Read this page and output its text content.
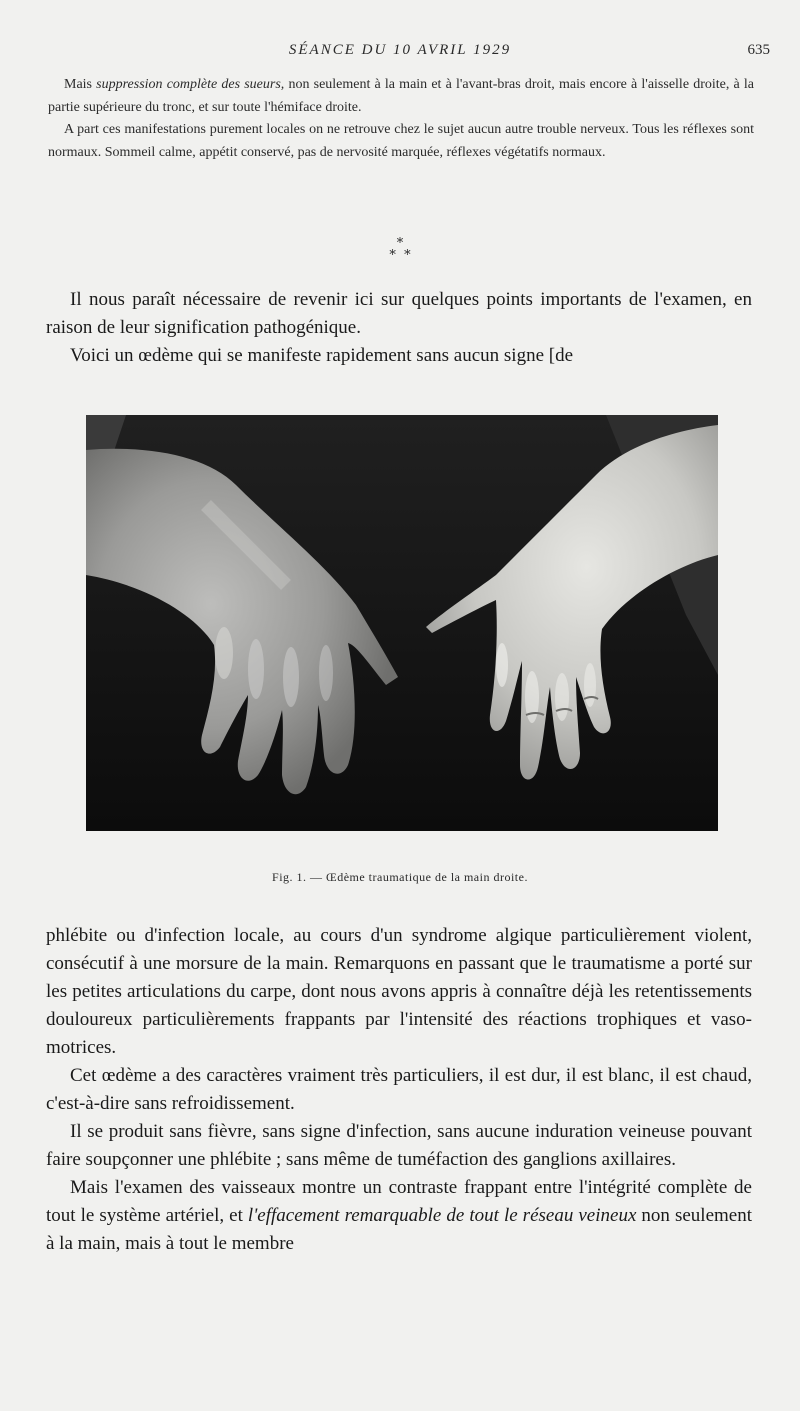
SÉANCE DU 10 AVRIL 1929	635

Mais suppression complète des sueurs, non seulement à la main et à l'avant-bras droit, mais encore à l'aisselle droite, à la partie supérieure du tronc, et sur toute l'hémiface droite.

A part ces manifestations purement locales on ne retrouve chez le sujet aucun autre trouble nerveux. Tous les réflexes sont normaux. Sommeil calme, appétit conservé, pas de nervosité marquée, réflexes végétatifs normaux.

*
*  *

Il nous paraît nécessaire de revenir ici sur quelques points importants de l'examen, en raison de leur signification pathogénique.

Voici un œdème qui se manifeste rapidement sans aucun signe [de

Fig. 1. — Œdème traumatique de la main droite.

phlébite ou d'infection locale, au cours d'un syndrome algique particulièrement violent, consécutif à une morsure de la main. Remarquons en passant que le traumatisme a porté sur les petites articulations du carpe, dont nous avons appris à connaître déjà les retentissements douloureux particulièrements frappants par l'intensité des réactions trophiques et vaso-motrices.

Cet œdème a des caractères vraiment très particuliers, il est dur, il est blanc, il est chaud, c'est-à-dire sans refroidissement.

Il se produit sans fièvre, sans signe d'infection, sans aucune induration veineuse pouvant faire soupçonner une phlébite ; sans même de tuméfaction des ganglions axillaires.

Mais l'examen des vaisseaux montre un contraste frappant entre l'intégrité complète de tout le système artériel, et l'effacement remarquable de tout le réseau veineux non seulement à la main, mais à tout le membre
